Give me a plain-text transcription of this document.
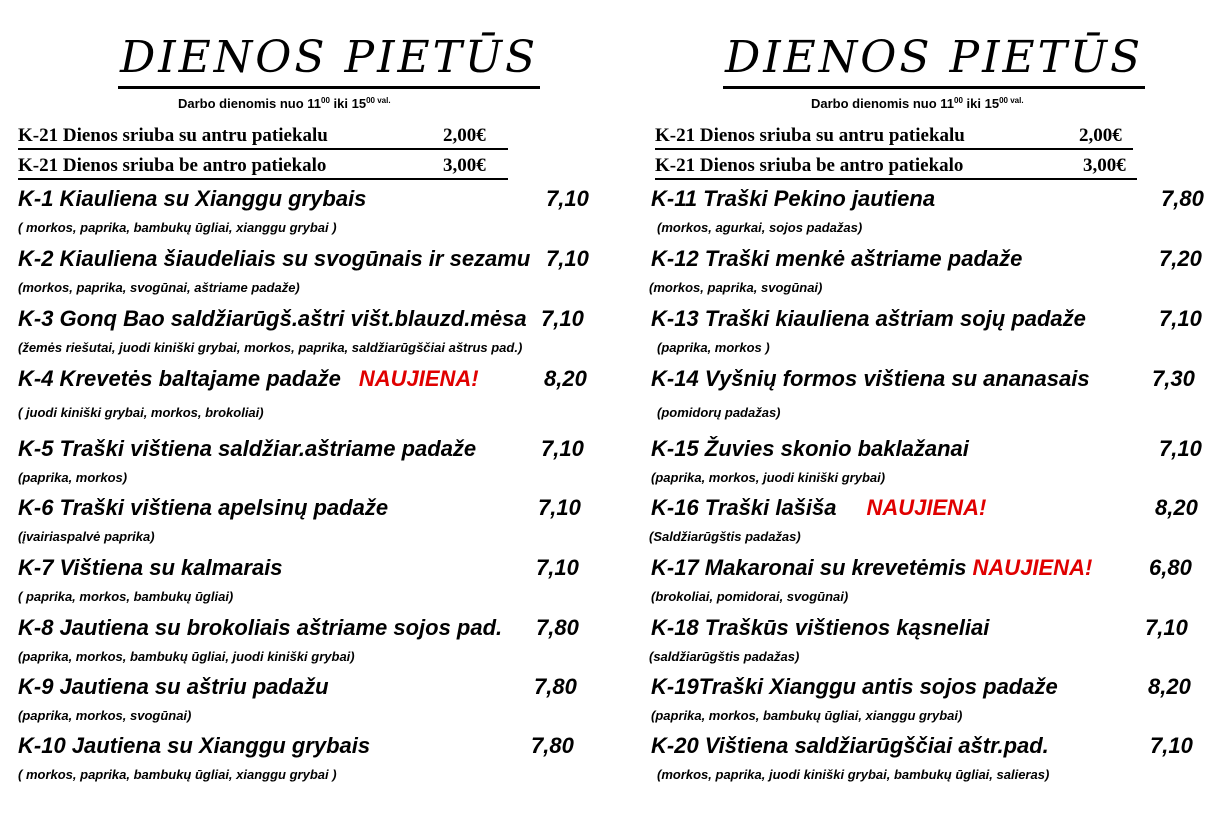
DIENOS PIETŪS
Darbo dienomis nuo $11^{00}$ iki $15^{00}$ $^{val.}$
K-21 Dienos sriuba su antru patiekalu	2,00€
K-21 Dienos sriuba be antro patiekalo	3,00€
K-1 Kiauliena su Xianggu grybais	7,10
( morkos, paprika, bambukų ūgliai, xianggu grybai )
K-2 Kiauliena šiaudeliais su svogūnais ir sezamu 7,10
(morkos, paprika, svogūnai, aštriame padaže)
K-3 Gonq Bao saldžiarūgš.aštri višt.blauzd.mėsa 7,10
(žemės riešutai, juodi kiniški grybai, morkos, paprika, saldžiarūgščiai aštrus pad.)
K-4 Krevetės baltajame padaže NAUJIENA!	8,20
( juodi kiniški grybai, morkos, brokoliai)
K-5 Traški vištiena saldžiar.aštriame padaže	7,10
(paprika, morkos)
K-6 Traški vištiena apelsinų padaže	7,10
(įvairiaspalvė paprika)
K-7 Vištiena su kalmarais	7,10
( paprika, morkos, bambukų ūgliai)
K-8 Jautiena su brokoliais aštriame sojos pad. 7,80
(paprika, morkos, bambukų ūgliai, juodi kiniški grybai)
K-9 Jautiena su aštriu padažu	7,80
(paprika, morkos, svogūnai)
K-10 Jautiena su Xianggu grybais	7,80
( morkos, paprika, bambukų ūgliai, xianggu grybai )
DIENOS PIETŪS
Darbo dienomis nuo $11^{00}$ iki $15^{00}$ $^{val.}$
K-21 Dienos sriuba su antru patiekalu	2,00€
K-21 Dienos sriuba be antro patiekalo	3,00€
K-11 Traški Pekino jautiena	7,80
(morkos, agurkai, sojos padažas)
K-12 Traški menkė aštriame padaže	7,20
(morkos, paprika, svogūnai)
K-13 Traški kiauliena aštriam sojų padaže	7,10
(paprika, morkos )
K-14 Vyšnių formos vištiena su ananasais	7,30
(pomidorų padažas)
K-15 Žuvies skonio baklažanai	7,10
(paprika, morkos, juodi kiniški grybai)
K-16 Traški lašiša NAUJIENA!	8,20
(Saldžiarūgštis padažas)
K-17 Makaronai su krevetėmis NAUJIENA!	6,80
(brokoliai, pomidorai, svogūnai)
K-18 Traškūs vištienos kąsneliai	7,10
(saldžiarūgštis padažas)
K-19Traški Xianggu antis sojos padaže	8,20
(paprika, morkos, bambukų ūgliai, xianggu grybai)
K-20 Vištiena saldžiarūgščiai aštr.pad.	7,10
(morkos, paprika, juodi kiniški grybai, bambukų ūgliai, salieras)
